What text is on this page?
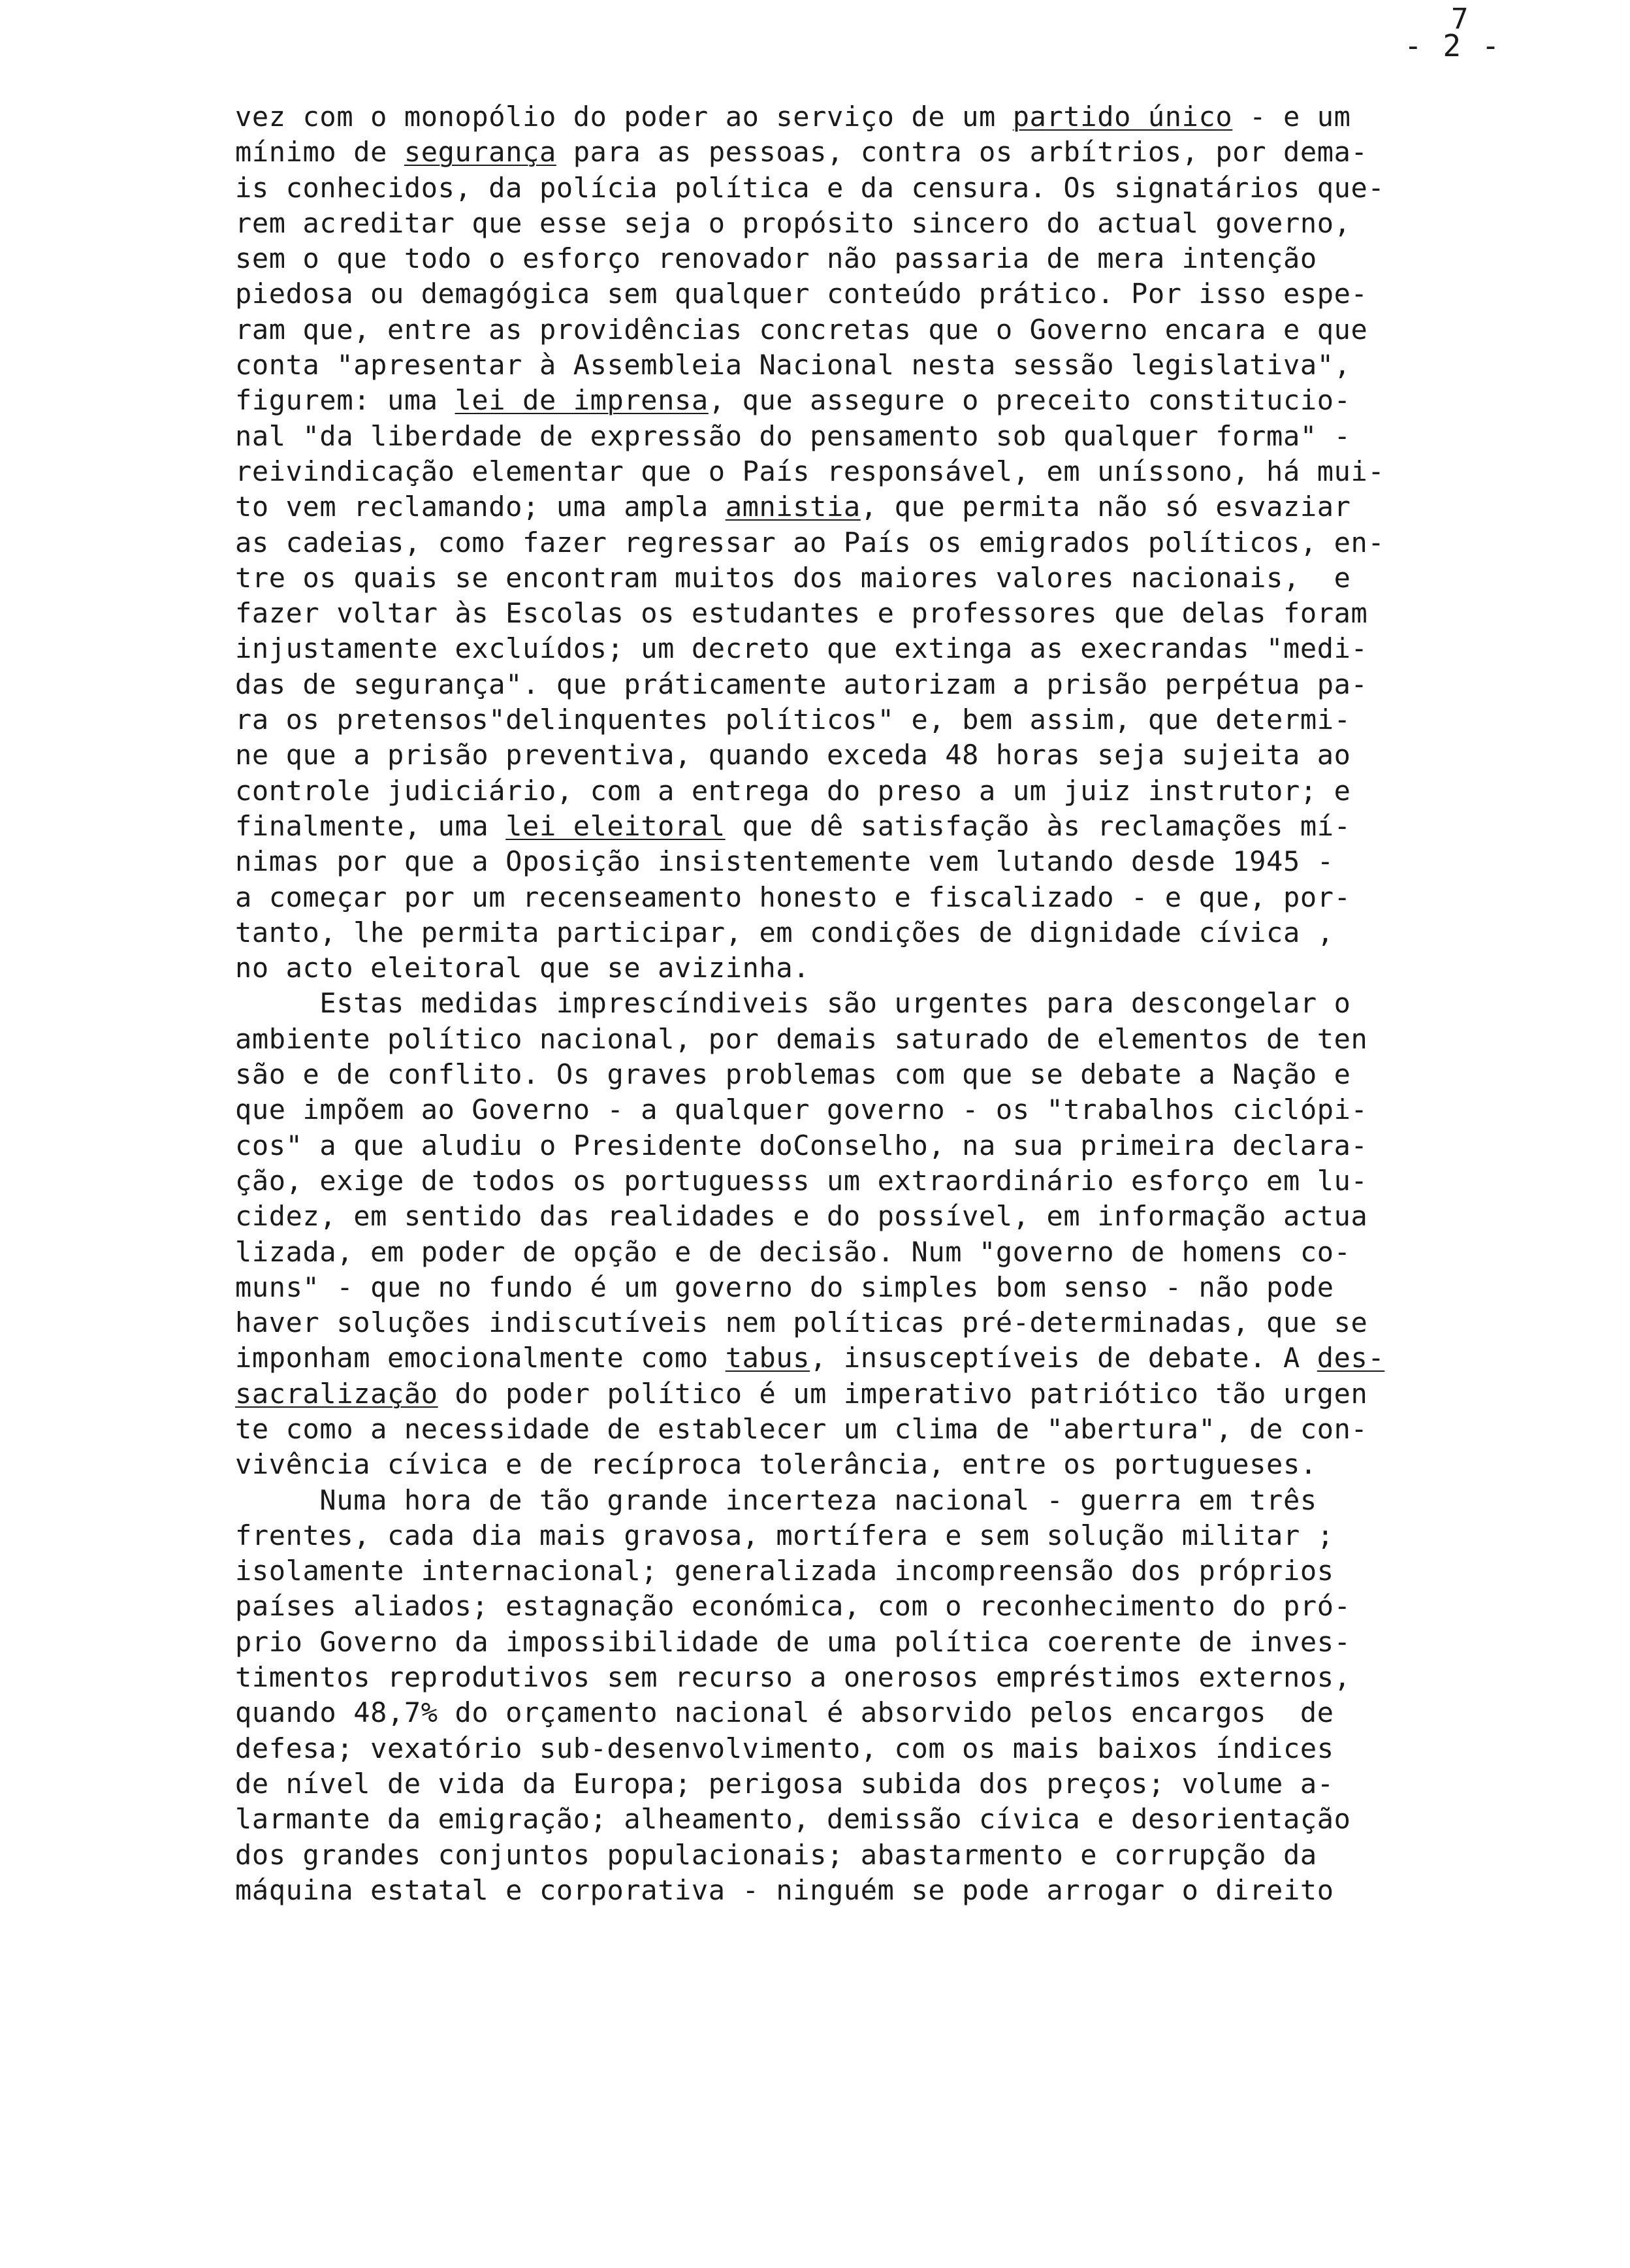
7
- 2 -
vez com o monopólio do poder ao serviço de um partido único - e um
mínimo de segurança para as pessoas, contra os arbítrios, por dema-
is conhecidos, da polícia política e da censura. Os signatários que-
rem acreditar que esse seja o propósito sincero do actual governo,
sem o que todo o esforço renovador não passaria de mera intenção
piedosa ou demagógica sem qualquer conteúdo prático. Por isso espe-
ram que, entre as providências concretas que o Governo encara e que
conta "apresentar à Assembleia Nacional nesta sessão legislativa",
figurem: uma lei de imprensa, que assegure o preceito constitucio-
nal "da liberdade de expressão do pensamento sob qualquer forma" -
reivindicação elementar que o País responsável, em uníssono, há mui-
to vem reclamando; uma ampla amnistia, que permita não só esvaziar
as cadeias, como fazer regressar ao País os emigrados políticos, en-
tre os quais se encontram muitos dos maiores valores nacionais,  e
fazer voltar às Escolas os estudantes e professores que delas foram
injustamente excluídos; um decreto que extinga as execrandas "medi-
das de segurança". que práticamente autorizam a prisão perpétua pa-
ra os pretensos"delinquentes políticos" e, bem assim, que determi-
ne que a prisão preventiva, quando exceda 48 horas seja sujeita ao
controle judiciário, com a entrega do preso a um juiz instrutor; e
finalmente, uma lei eleitoral que dê satisfação às reclamações mí-
nimas por que a Oposição insistentemente vem lutando desde 1945 -
a começar por um recenseamento honesto e fiscalizado - e que, por-
tanto, lhe permita participar, em condições de dignidade cívica ,
no acto eleitoral que se avizinha.
Estas medidas imprescíndiveis são urgentes para descongelar o
ambiente político nacional, por demais saturado de elementos de ten
são e de conflito. Os graves problemas com que se debate a Nação e
que impõem ao Governo - a qualquer governo - os "trabalhos ciclópi-
cos" a que aludiu o Presidente doConselho, na sua primeira declara-
ção, exige de todos os portuguesss um extraordinário esforço em lu-
cidez, em sentido das realidades e do possível, em informação actua
lizada, em poder de opção e de decisão. Num "governo de homens co-
muns" - que no fundo é um governo do simples bom senso - não pode
haver soluções indiscutíveis nem políticas pré-determinadas, que se
imponham emocionalmente como tabus, insusceptíveis de debate. A des-
sacralização do poder político é um imperativo patriótico tão urgen
te como a necessidade de establecer um clima de "abertura", de con-
vivência cívica e de recíproca tolerância, entre os portugueses.
Numa hora de tão grande incerteza nacional - guerra em três
frentes, cada dia mais gravosa, mortífera e sem solução militar ;
isolamente internacional; generalizada incompreensão dos próprios
países aliados; estagnação económica, com o reconhecimento do pró-
prio Governo da impossibilidade de uma política coerente de inves-
timentos reprodutivos sem recurso a onerosos empréstimos externos,
quando 48,7% do orçamento nacional é absorvido pelos encargos  de
defesa; vexatório sub-desenvolvimento, com os mais baixos índices
de nível de vida da Europa; perigosa subida dos preços; volume a-
larmante da emigração; alheamento, demissão cívica e desorientação
dos grandes conjuntos populacionais; abastarmento e corrupção da
máquina estatal e corporativa - ninguém se pode arrogar o direito
